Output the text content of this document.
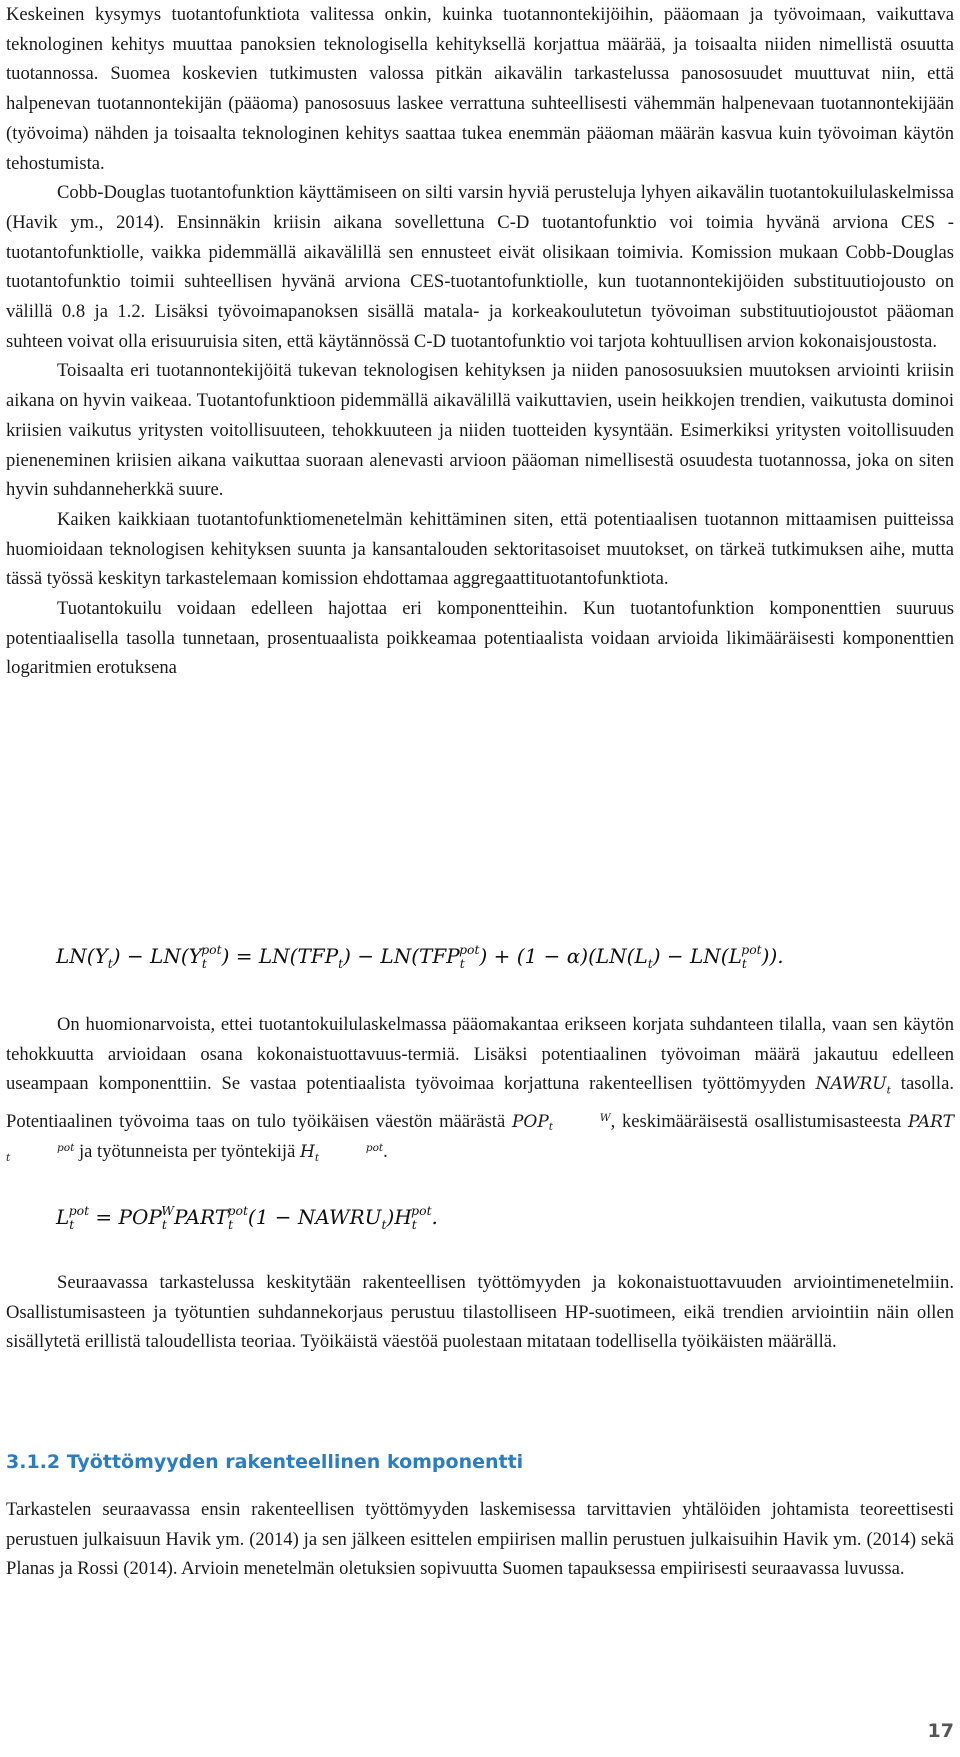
Keskeinen kysymys tuotantofunktiota valitessa onkin, kuinka tuotannontekijöihin, pääomaan ja työvoimaan, vaikuttava teknologinen kehitys muuttaa panoksien teknologisella kehityksellä korjattua määrää, ja toisaalta niiden nimellistä osuutta tuotannossa. Suomea koskevien tutkimusten valossa pitkän aikavälin tarkastelussa panososuudet muuttuvat niin, että halpenevan tuotannontekijän (pääoma) panososuus laskee verrattuna suhteellisesti vähemmän halpenevaan tuotannontekijään (työvoima) nähden ja toisaalta teknologinen kehitys saattaa tukea enemmän pääoman määrän kasvua kuin työvoiman käytön tehostumista.

Cobb-Douglas tuotantofunktion käyttämiseen on silti varsin hyviä perusteluja lyhyen aikavälin tuotantokuilulaskelmissa (Havik ym., 2014). Ensinnäkin kriisin aikana sovellettuna C-D tuotantofunktio voi toimia hyvänä arviona CES -tuotantofunktiolle, vaikka pidemmällä aikavälillä sen ennusteet eivät olisikaan toimivia. Komission mukaan Cobb-Douglas tuotantofunktio toimii suhteellisen hyvänä arviona CES-tuotantofunktiolle, kun tuotannontekijöiden substituutiojousto on välillä 0.8 ja 1.2. Lisäksi työvoimapanoksen sisällä matala- ja korkeakoulutetun työvoiman substituutiojoustot pääoman suhteen voivat olla erisuuruisia siten, että käytännössä C-D tuotantofunktio voi tarjota kohtuullisen arvion kokonaisjoustosta.

Toisaalta eri tuotannontekijöitä tukevan teknologisen kehityksen ja niiden panososuuksien muutoksen arviointi kriisin aikana on hyvin vaikeaa. Tuotantofunktioon pidemmällä aikavälillä vaikuttavien, usein heikkojen trendien, vaikutusta dominoi kriisien vaikutus yritysten voitollisuuteen, tehokkuuteen ja niiden tuotteiden kysyntään. Esimerkiksi yritysten voitollisuuden pieneneminen kriisien aikana vaikuttaa suoraan alenevasti arvioon pääoman nimellisestä osuudesta tuotannossa, joka on siten hyvin suhdanneherkkä suure.

Kaiken kaikkiaan tuotantofunktiomenetelmän kehittäminen siten, että potentiaalisen tuotannon mittaamisen puitteissa huomioidaan teknologisen kehityksen suunta ja kansantalouden sektoritasoiset muutokset, on tärkeä tutkimuksen aihe, mutta tässä työssä keskityn tarkastelemaan komission ehdottamaa aggregaattituotantofunktiota.

Tuotantokuilu voidaan edelleen hajottaa eri komponentteihin. Kun tuotantofunktion komponenttien suuruus potentiaalisella tasolla tunnetaan, prosentuaalista poikkeamaa potentiaalista voidaan arvioida likimääräisesti komponenttien logaritmien erotuksena

$LN(Y_t) - LN(Y_t^{pot}) = LN(TFP_t) - LN(TFP_t^{pot}) + (1 - \alpha)(LN(L_t) - LN(L_t^{pot}))$.

On huomionarvoista, ettei tuotantokuilulaskelmassa pääomakantaa erikseen korjata suhdanteen tilalla, vaan sen käytön tehokkuutta arvioidaan osana kokonaistuottavuus-termiä. Lisäksi potentiaalinen työvoiman määrä jakautuu edelleen useampaan komponenttiin. Se vastaa potentiaalista työvoimaa korjattuna rakenteellisen työttömyyden $NAWRU_t$ tasolla. Potentiaalinen työvoima taas on tulo työikäisen väestön määrästä POP	W
t	, keskimääräisestä osallistumisasteesta PARTpot
t	ja työtunneista per työntekijä H	pot
t	.

$L_t^{pot}$ = $POP_t^WPART_t^{pot}(1$ − $NAWRU_t)H_t^{pot}$.

Seuraavassa tarkastelussa keskitytään rakenteellisen työttömyyden ja kokonaistuottavuuden arviointimenetelmiin. Osallistumisasteen ja työtuntien suhdannekorjaus perustuu tilastolliseen HP-suotimeen, eikä trendien arviointiin näin ollen sisällytetä erillistä taloudellista teoriaa. Työikäistä väestöä puolestaan mitataan todellisella työikäisten määrällä.

3.1.2 Työttömyyden rakenteellinen komponentti

Tarkastelen seuraavassa ensin rakenteellisen työttömyyden laskemisessa tarvittavien yhtälöiden johtamista teoreettisesti perustuen julkaisuun Havik ym. (2014) ja sen jälkeen esittelen empiirisen mallin perustuen julkaisuihin Havik ym. (2014) sekä Planas ja Rossi (2014). Arvioin menetelmän oletuksien sopivuutta Suomen tapauksessa empiirisesti seuraavassa luvussa.

17
